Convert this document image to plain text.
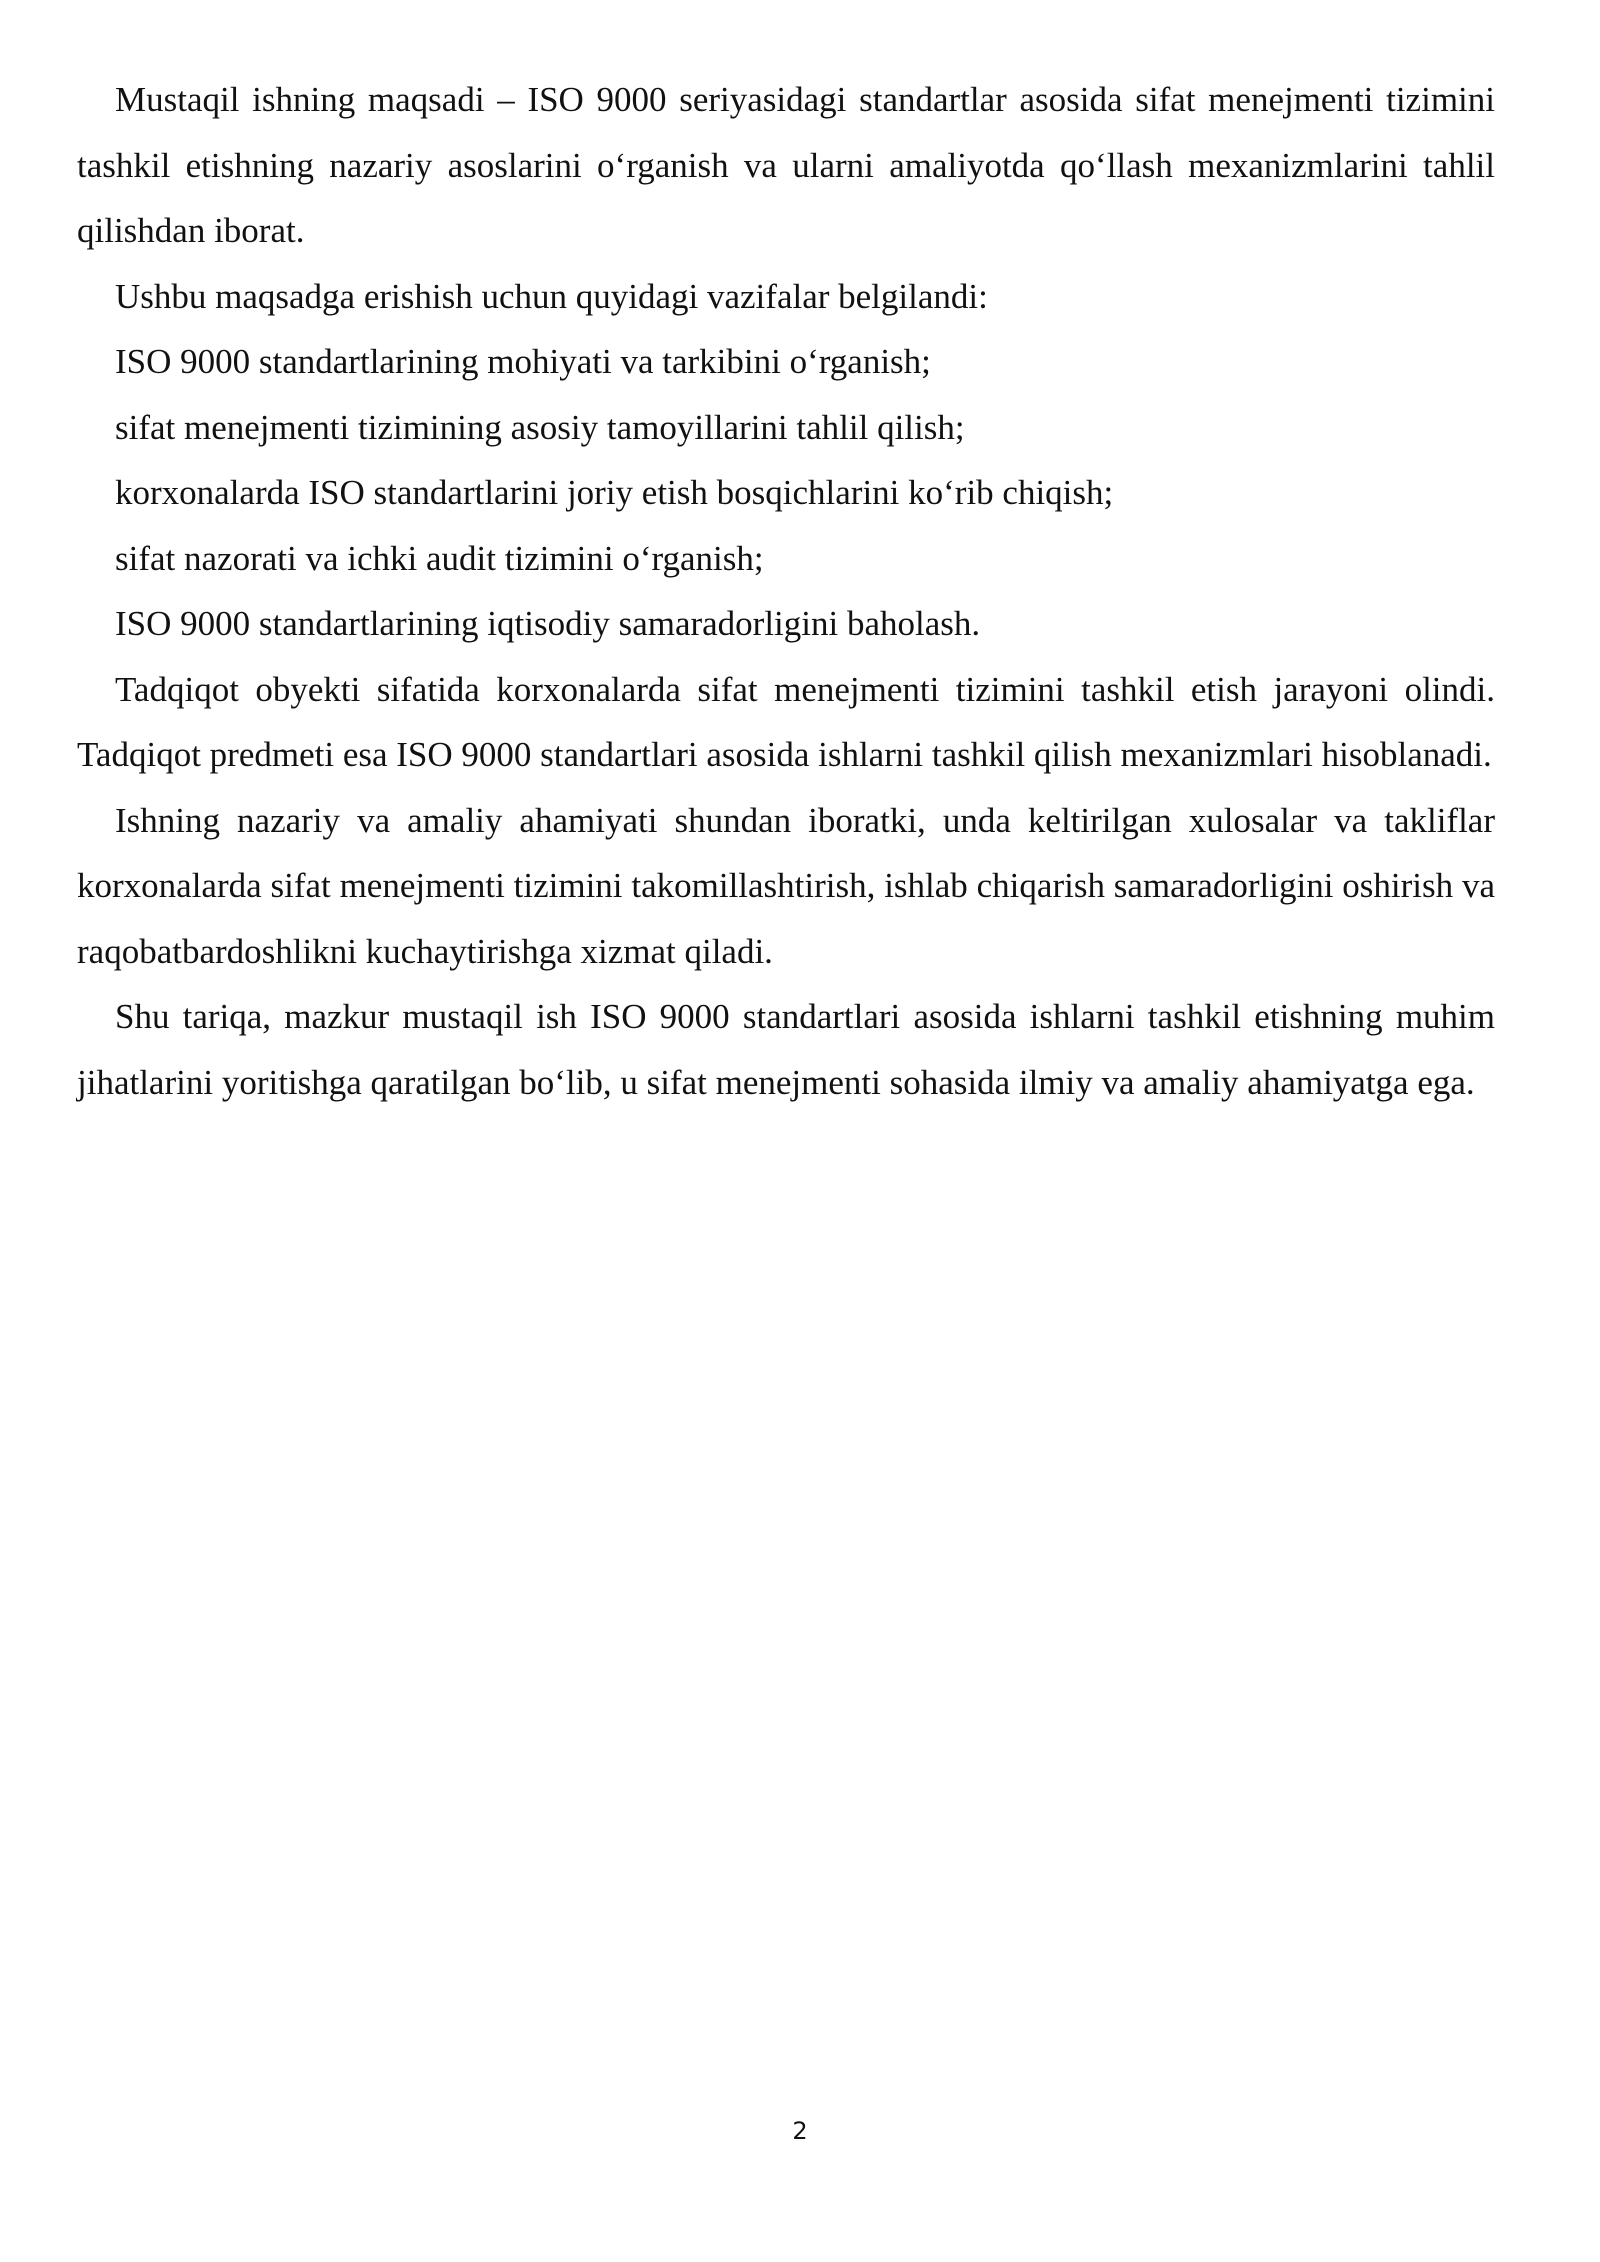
Mustaqil ishning maqsadi – ISO 9000 seriyasidagi standartlar asosida sifat menejmenti tizimini tashkil etishning nazariy asoslarini o‘rganish va ularni amaliyotda qo‘llash mexanizmlarini tahlil qilishdan iborat.

Ushbu maqsadga erishish uchun quyidagi vazifalar belgilandi:

ISO 9000 standartlarining mohiyati va tarkibini o‘rganish;

sifat menejmenti tizimining asosiy tamoyillarini tahlil qilish;

korxonalarda ISO standartlarini joriy etish bosqichlarini ko‘rib chiqish;

sifat nazorati va ichki audit tizimini o‘rganish;

ISO 9000 standartlarining iqtisodiy samaradorligini baholash.

Tadqiqot obyekti sifatida korxonalarda sifat menejmenti tizimini tashkil etish jarayoni olindi. Tadqiqot predmeti esa ISO 9000 standartlari asosida ishlarni tashkil qilish mexanizmlari hisoblanadi.

Ishning nazariy va amaliy ahamiyati shundan iboratki, unda keltirilgan xulosalar va takliflar korxonalarda sifat menejmenti tizimini takomillashtirish, ishlab chiqarish samaradorligini oshirish va raqobatbardoshlikni kuchaytirishga xizmat qiladi.

Shu tariqa, mazkur mustaqil ish ISO 9000 standartlari asosida ishlarni tashkil etishning muhim jihatlarini yoritishga qaratilgan bo‘lib, u sifat menejmenti sohasida ilmiy va amaliy ahamiyatga ega.

2
